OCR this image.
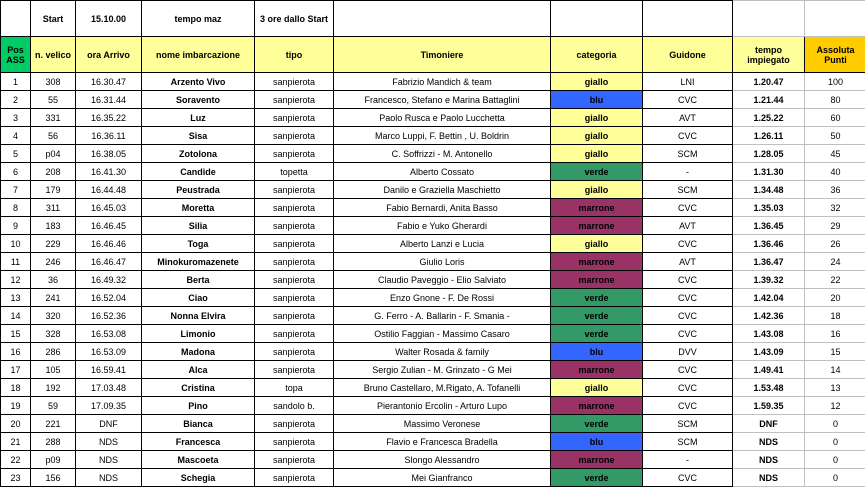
	Start	15.10.00	tempo maz	3 ore dallo Start					
Pos ASS	n. velico	ora Arrivo	nome imbarcazione	tipo	Timoniere	categoria	Guidone	tempo impiegato	Assoluta Punti
1	308	16.30.47	Arzento Vivo	sanpierota	Fabrizio Mandich & team	giallo	LNI	1.20.47	100
2	55	16.31.44	Soravento	sanpierota	Francesco, Stefano e Marina Battaglini	blu	CVC	1.21.44	80
3	331	16.35.22	Luz	sanpierota	Paolo Rusca e Paolo Lucchetta	giallo	AVT	1.25.22	60
4	56	16.36.11	Sisa	sanpierota	Marco Luppi, F. Bettin , U. Boldrin	giallo	CVC	1.26.11	50
5	p04	16.38.05	Zotolona	sanpierota	C. Soffrizzi - M. Antonello	giallo	SCM	1.28.05	45
6	208	16.41.30	Candide	topetta	Alberto Cossato	verde	-	1.31.30	40
7	179	16.44.48	Peustrada	sanpierota	Danilo e Graziella Maschietto	giallo	SCM	1.34.48	36
8	311	16.45.03	Moretta	sanpierota	Fabio Bernardi, Anita Basso	marrone	CVC	1.35.03	32
9	183	16.46.45	Silia	sanpierota	Fabio e Yuko Gherardi	marrone	AVT	1.36.45	29
10	229	16.46.46	Toga	sanpierota	Alberto Lanzi e Lucia	giallo	CVC	1.36.46	26
11	246	16.46.47	Minokuromazenete	sanpierota	Giulio Loris	marrone	AVT	1.36.47	24
12	36	16.49.32	Berta	sanpierota	Claudio Paveggio - Elio Salviato	marrone	CVC	1.39.32	22
13	241	16.52.04	Ciao	sanpierota	Enzo Gnone - F. De Rossi	verde	CVC	1.42.04	20
14	320	16.52.36	Nonna Elvira	sanpierota	G. Ferro - A. Ballarin - F. Smania -	verde	CVC	1.42.36	18
15	328	16.53.08	Limonio	sanpierota	Ostilio Faggian - Massimo Casaro	verde	CVC	1.43.08	16
16	286	16.53.09	Madona	sanpierota	Walter Rosada & family	blu	DVV	1.43.09	15
17	105	16.59.41	Alca	sanpierota	Sergio Zulian - M. Grinzato - G Mei	marrone	CVC	1.49.41	14
18	192	17.03.48	Cristina	topa	Bruno Castellaro, M.Rigato, A. Tofanelli	giallo	CVC	1.53.48	13
19	59	17.09.35	Pino	sandolo b.	Pierantonio Ercolin - Arturo Lupo	marrone	CVC	1.59.35	12
20	221	DNF	Bianca	sanpierota	Massimo Veronese	verde	SCM	DNF	0
21	288	NDS	Francesca	sanpierota	Flavio e Francesca Bradella	blu	SCM	NDS	0
22	p09	NDS	Mascoeta	sanpierota	Slongo Alessandro	marrone	-	NDS	0
23	156	NDS	Schegia	sanpierota	Mei Gianfranco	verde	CVC	NDS	0
